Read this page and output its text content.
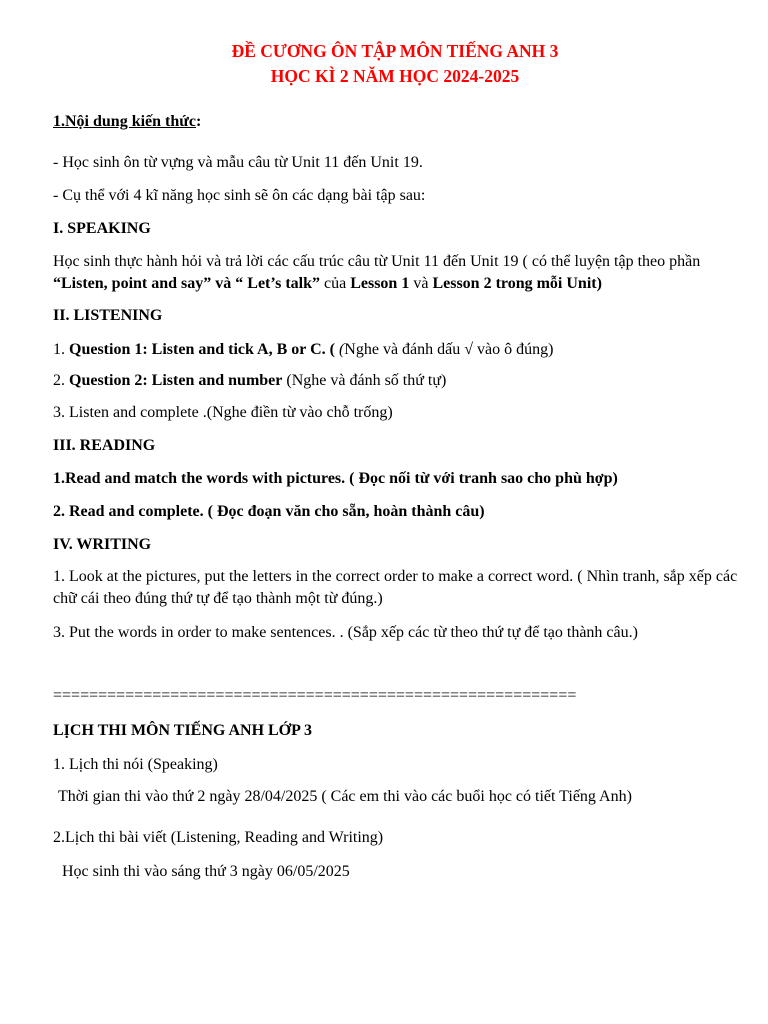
ĐỀ CƯƠNG ÔN TẬP MÔN TIẾNG ANH 3
HỌC KÌ 2 NĂM HỌC 2024-2025
1.Nội dung kiến thức:
- Học sinh ôn từ vựng và mẫu câu từ Unit 11 đến Unit 19.
- Cụ thể với 4 kĩ năng học sinh sẽ ôn các dạng bài tập sau:
I. SPEAKING
Học sinh thực hành hỏi và trả lời các cấu trúc câu từ Unit 11 đến Unit 19 ( có thể luyện tập theo phần “Listen, point and say” và “ Let’s talk” của Lesson 1 và Lesson 2 trong mỗi Unit)
II. LISTENING
1. Question 1: Listen and tick A, B or C. ( (Nghe và đánh dấu √ vào ô đúng)
2. Question 2: Listen and number (Nghe và đánh số thứ tự)
3. Listen and complete .(Nghe điền từ vào chỗ trống)
III. READING
1.Read and match the words with pictures. ( Đọc nối từ với tranh sao cho phù hợp)
2. Read and complete. ( Đọc đoạn văn cho sẵn, hoàn thành câu)
IV. WRITING
1. Look at the pictures, put the letters in the correct order to make a correct word. ( Nhìn tranh, sắp xếp các chữ cái theo đúng thứ tự để tạo thành một từ đúng.)
3. Put the words in order to make sentences. . (Sắp xếp các từ theo thứ tự để tạo thành câu.)
==========================================================
LỊCH THI MÔN TIẾNG ANH LỚP 3
1. Lịch thi nói (Speaking)
Thời gian thi vào thứ 2 ngày 28/04/2025 ( Các em thi vào các buổi học có tiết Tiếng Anh)
2.Lịch thi bài viết (Listening, Reading and Writing)
Học sinh thi vào sáng thứ 3 ngày 06/05/2025
